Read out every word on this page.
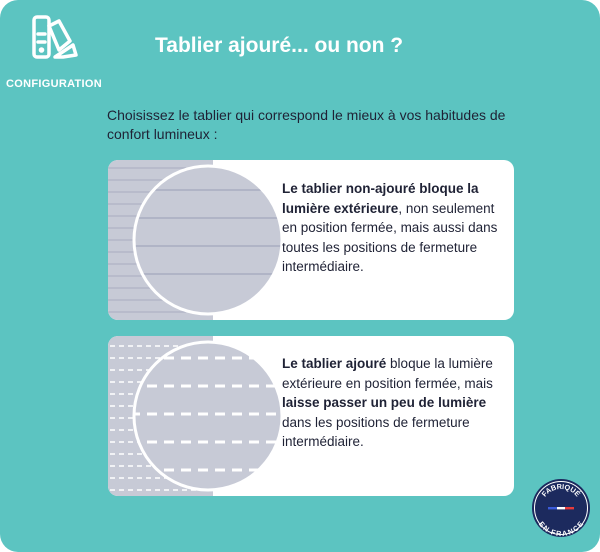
CONFIGURATION
Tablier ajouré... ou non ?

Choisissez le tablier qui correspond le mieux à vos habitudes de confort lumineux :

Le tablier non-ajouré bloque la lumière extérieure, non seulement en position fermée, mais aussi dans toutes les positions de fermeture intermédiaire.

Le tablier ajouré bloque la lumière extérieure en position fermée, mais laisse passer un peu de lumière dans les positions de fermeture intermédiaire.

FABRIQUÉ
EN FRANCE
